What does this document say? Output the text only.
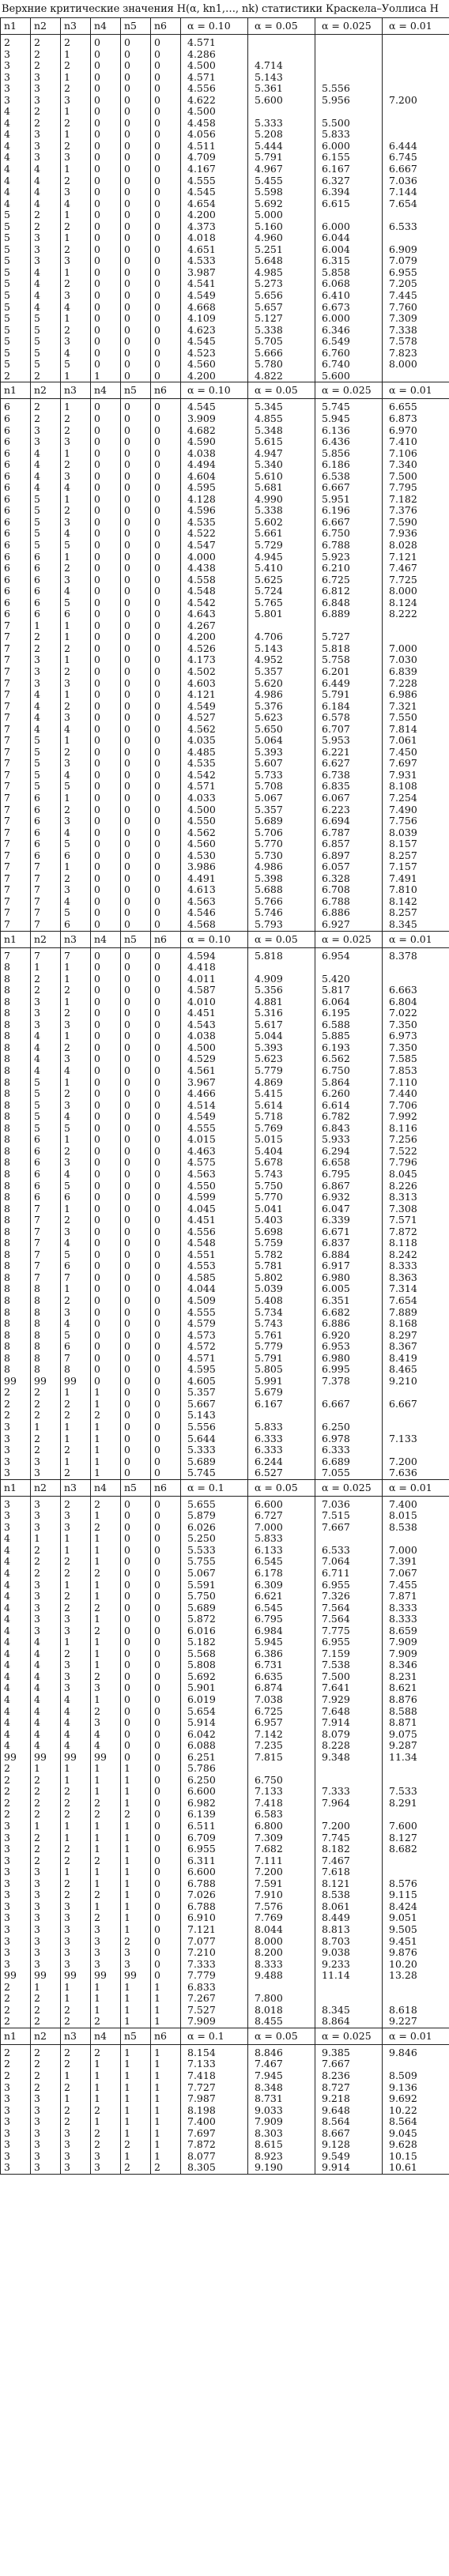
Верхние критические значения H(α, kn1,…, nk) статистики Краскела–Уоллиса H
n1	n2	n3	n4	n5	n6	α = 0.10	α = 0.05	α = 0.025	α = 0.01
2	2	2	0	0	0	4.571			
3	2	1	0	0	0	4.286			
3	2	2	0	0	0	4.500	4.714		
3	3	1	0	0	0	4.571	5.143		
3	3	2	0	0	0	4.556	5.361	5.556	
3	3	3	0	0	0	4.622	5.600	5.956	7.200
4	2	1	0	0	0	4.500			
4	2	2	0	0	0	4.458	5.333	5.500	
4	3	1	0	0	0	4.056	5.208	5.833	
4	3	2	0	0	0	4.511	5.444	6.000	6.444
4	3	3	0	0	0	4.709	5.791	6.155	6.745
4	4	1	0	0	0	4.167	4.967	6.167	6.667
4	4	2	0	0	0	4.555	5.455	6.327	7.036
4	4	3	0	0	0	4.545	5.598	6.394	7.144
4	4	4	0	0	0	4.654	5.692	6.615	7.654
5	2	1	0	0	0	4.200	5.000		
5	2	2	0	0	0	4.373	5.160	6.000	6.533
5	3	1	0	0	0	4.018	4.960	6.044	
5	3	2	0	0	0	4.651	5.251	6.004	6.909
5	3	3	0	0	0	4.533	5.648	6.315	7.079
5	4	1	0	0	0	3.987	4.985	5.858	6.955
5	4	2	0	0	0	4.541	5.273	6.068	7.205
5	4	3	0	0	0	4.549	5.656	6.410	7.445
5	4	4	0	0	0	4.668	5.657	6.673	7.760
5	5	1	0	0	0	4.109	5.127	6.000	7.309
5	5	2	0	0	0	4.623	5.338	6.346	7.338
5	5	3	0	0	0	4.545	5.705	6.549	7.578
5	5	4	0	0	0	4.523	5.666	6.760	7.823
5	5	5	0	0	0	4.560	5.780	6.740	8.000
2	2	1	1	0	0	4.200	4.822	5.600	
n1	n2	n3	n4	n5	n6	α = 0.10	α = 0.05	α = 0.025	α = 0.01
6	2	1	0	0	0	4.545	5.345	5.745	6.655
6	2	2	0	0	0	3.909	4.855	5.945	6.873
6	3	2	0	0	0	4.682	5.348	6.136	6.970
6	3	3	0	0	0	4.590	5.615	6.436	7.410
6	4	1	0	0	0	4.038	4.947	5.856	7.106
6	4	2	0	0	0	4.494	5.340	6.186	7.340
6	4	3	0	0	0	4.604	5.610	6.538	7.500
6	4	4	0	0	0	4.595	5.681	6.667	7.795
6	5	1	0	0	0	4.128	4.990	5.951	7.182
6	5	2	0	0	0	4.596	5.338	6.196	7.376
6	5	3	0	0	0	4.535	5.602	6.667	7.590
6	5	4	0	0	0	4.522	5.661	6.750	7.936
6	5	5	0	0	0	4.547	5.729	6.788	8.028
6	6	1	0	0	0	4.000	4.945	5.923	7.121
6	6	2	0	0	0	4.438	5.410	6.210	7.467
6	6	3	0	0	0	4.558	5.625	6.725	7.725
6	6	4	0	0	0	4.548	5.724	6.812	8.000
6	6	5	0	0	0	4.542	5.765	6.848	8.124
6	6	6	0	0	0	4.643	5.801	6.889	8.222
7	1	1	0	0	0	4.267			
7	2	1	0	0	0	4.200	4.706	5.727	
7	2	2	0	0	0	4.526	5.143	5.818	7.000
7	3	1	0	0	0	4.173	4.952	5.758	7.030
7	3	2	0	0	0	4.502	5.357	6.201	6.839
7	3	3	0	0	0	4.603	5.620	6.449	7.228
7	4	1	0	0	0	4.121	4.986	5.791	6.986
7	4	2	0	0	0	4.549	5.376	6.184	7.321
7	4	3	0	0	0	4.527	5.623	6.578	7.550
7	4	4	0	0	0	4.562	5.650	6.707	7.814
7	5	1	0	0	0	4.035	5.064	5.953	7.061
7	5	2	0	0	0	4.485	5.393	6.221	7.450
7	5	3	0	0	0	4.535	5.607	6.627	7.697
7	5	4	0	0	0	4.542	5.733	6.738	7.931
7	5	5	0	0	0	4.571	5.708	6.835	8.108
7	6	1	0	0	0	4.033	5.067	6.067	7.254
7	6	2	0	0	0	4.500	5.357	6.223	7.490
7	6	3	0	0	0	4.550	5.689	6.694	7.756
7	6	4	0	0	0	4.562	5.706	6.787	8.039
7	6	5	0	0	0	4.560	5.770	6.857	8.157
7	6	6	0	0	0	4.530	5.730	6.897	8.257
7	7	1	0	0	0	3.986	4.986	6.057	7.157
7	7	2	0	0	0	4.491	5.398	6.328	7.491
7	7	3	0	0	0	4.613	5.688	6.708	7.810
7	7	4	0	0	0	4.563	5.766	6.788	8.142
7	7	5	0	0	0	4.546	5.746	6.886	8.257
7	7	6	0	0	0	4.568	5.793	6.927	8.345
n1	n2	n3	n4	n5	n6	α = 0.10	α = 0.05	α = 0.025	α = 0.01
7	7	7	0	0	0	4.594	5.818	6.954	8.378
8	1	1	0	0	0	4.418			
8	2	1	0	0	0	4.011	4.909	5.420	
8	2	2	0	0	0	4.587	5.356	5.817	6.663
8	3	1	0	0	0	4.010	4.881	6.064	6.804
8	3	2	0	0	0	4.451	5.316	6.195	7.022
8	3	3	0	0	0	4.543	5.617	6.588	7.350
8	4	1	0	0	0	4.038	5.044	5.885	6.973
8	4	2	0	0	0	4.500	5.393	6.193	7.350
8	4	3	0	0	0	4.529	5.623	6.562	7.585
8	4	4	0	0	0	4.561	5.779	6.750	7.853
8	5	1	0	0	0	3.967	4.869	5.864	7.110
8	5	2	0	0	0	4.466	5.415	6.260	7.440
8	5	3	0	0	0	4.514	5.614	6.614	7.706
8	5	4	0	0	0	4.549	5.718	6.782	7.992
8	5	5	0	0	0	4.555	5.769	6.843	8.116
8	6	1	0	0	0	4.015	5.015	5.933	7.256
8	6	2	0	0	0	4.463	5.404	6.294	7.522
8	6	3	0	0	0	4.575	5.678	6.658	7.796
8	6	4	0	0	0	4.563	5.743	6.795	8.045
8	6	5	0	0	0	4.550	5.750	6.867	8.226
8	6	6	0	0	0	4.599	5.770	6.932	8.313
8	7	1	0	0	0	4.045	5.041	6.047	7.308
8	7	2	0	0	0	4.451	5.403	6.339	7.571
8	7	3	0	0	0	4.556	5.698	6.671	7.872
8	7	4	0	0	0	4.548	5.759	6.837	8.118
8	7	5	0	0	0	4.551	5.782	6.884	8.242
8	7	6	0	0	0	4.553	5.781	6.917	8.333
8	7	7	0	0	0	4.585	5.802	6.980	8.363
8	8	1	0	0	0	4.044	5.039	6.005	7.314
8	8	2	0	0	0	4.509	5.408	6.351	7.654
8	8	3	0	0	0	4.555	5.734	6.682	7.889
8	8	4	0	0	0	4.579	5.743	6.886	8.168
8	8	5	0	0	0	4.573	5.761	6.920	8.297
8	8	6	0	0	0	4.572	5.779	6.953	8.367
8	8	7	0	0	0	4.571	5.791	6.980	8.419
8	8	8	0	0	0	4.595	5.805	6.995	8.465
99	99	99	0	0	0	4.605	5.991	7.378	9.210
2	2	1	1	0	0	5.357	5.679		
2	2	2	1	0	0	5.667	6.167	6.667	6.667
2	2	2	2	0	0	5.143			
3	1	1	1	0	0	5.556	5.833	6.250	
3	2	1	1	0	0	5.644	6.333	6.978	7.133
3	2	2	1	0	0	5.333	6.333	6.333	
3	3	1	1	0	0	5.689	6.244	6.689	7.200
3	3	2	1	0	0	5.745	6.527	7.055	7.636
n1	n2	n3	n4	n5	n6	α = 0.1	α = 0.05	α = 0.025	α = 0.01
3	3	2	2	0	0	5.655	6.600	7.036	7.400
3	3	3	1	0	0	5.879	6.727	7.515	8.015
3	3	3	2	0	0	6.026	7.000	7.667	8.538
4	1	1	1	0	0	5.250	5.833		
4	2	1	1	0	0	5.533	6.133	6.533	7.000
4	2	2	1	0	0	5.755	6.545	7.064	7.391
4	2	2	2	0	0	5.067	6.178	6.711	7.067
4	3	1	1	0	0	5.591	6.309	6.955	7.455
4	3	2	1	0	0	5.750	6.621	7.326	7.871
4	3	2	2	0	0	5.689	6.545	7.564	8.333
4	3	3	1	0	0	5.872	6.795	7.564	8.333
4	3	3	2	0	0	6.016	6.984	7.775	8.659
4	4	1	1	0	0	5.182	5.945	6.955	7.909
4	4	2	1	0	0	5.568	6.386	7.159	7.909
4	4	3	1	0	0	5.808	6.731	7.538	8.346
4	4	3	2	0	0	5.692	6.635	7.500	8.231
4	4	3	3	0	0	5.901	6.874	7.641	8.621
4	4	4	1	0	0	6.019	7.038	7.929	8.876
4	4	4	2	0	0	5.654	6.725	7.648	8.588
4	4	4	3	0	0	5.914	6.957	7.914	8.871
4	4	4	4	0	0	6.042	7.142	8.079	9.075
4	4	4	4	0	0	6.088	7.235	8.228	9.287
99	99	99	99	0	0	6.251	7.815	9.348	11.34
2	1	1	1	1	0	5.786			
2	2	1	1	1	0	6.250	6.750		
2	2	2	1	1	0	6.600	7.133	7.333	7.533
2	2	2	2	1	0	6.982	7.418	7.964	8.291
2	2	2	2	2	0	6.139	6.583		
3	1	1	1	1	0	6.511	6.800	7.200	7.600
3	2	1	1	1	0	6.709	7.309	7.745	8.127
3	2	2	1	1	0	6.955	7.682	8.182	8.682
3	2	2	2	1	0	6.311	7.111	7.467	
3	3	1	1	1	0	6.600	7.200	7.618	
3	3	2	1	1	0	6.788	7.591	8.121	8.576
3	3	2	2	1	0	7.026	7.910	8.538	9.115
3	3	3	1	1	0	6.788	7.576	8.061	8.424
3	3	3	2	1	0	6.910	7.769	8.449	9.051
3	3	3	3	1	0	7.121	8.044	8.813	9.505
3	3	3	3	2	0	7.077	8.000	8.703	9.451
3	3	3	3	3	0	7.210	8.200	9.038	9.876
3	3	3	3	3	0	7.333	8.333	9.233	10.20
99	99	99	99	99	0	7.779	9.488	11.14	13.28
2	1	1	1	1	1	6.833			
2	2	1	1	1	1	7.267	7.800		
2	2	2	1	1	1	7.527	8.018	8.345	8.618
2	2	2	2	1	1	7.909	8.455	8.864	9.227
n1	n2	n3	n4	n5	n6	α = 0.1	α = 0.05	α = 0.025	α = 0.01
2	2	2	2	1	1	8.154	8.846	9.385	9.846
2	2	2	1	1	1	7.133	7.467	7.667	
2	2	1	1	1	1	7.418	7.945	8.236	8.509
3	2	2	1	1	1	7.727	8.348	8.727	9.136
3	3	1	1	1	1	7.987	8.731	9.218	9.692
3	3	2	2	1	1	8.198	9.033	9.648	10.22
3	3	2	1	1	1	7.400	7.909	8.564	8.564
3	3	3	2	1	1	7.697	8.303	8.667	9.045
3	3	3	2	2	1	7.872	8.615	9.128	9.628
3	3	3	3	1	1	8.077	8.923	9.549	10.15
3	3	3	3	2	2	8.305	9.190	9.914	10.61
